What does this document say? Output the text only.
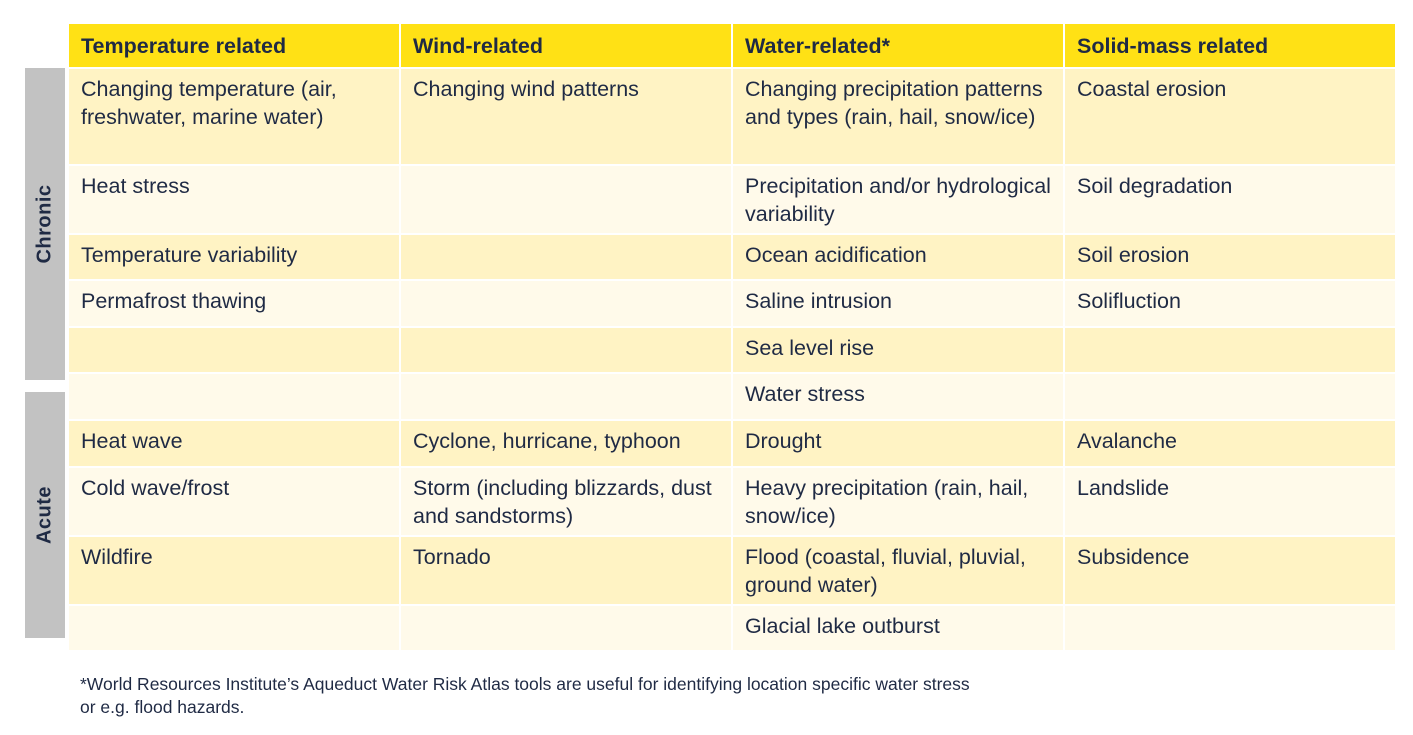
Chronic
Acute
Temperature related	Wind-related	Water-related*	Solid-mass related
Changing temperature (air, freshwater, marine water)	Changing wind patterns	Changing precipitation patterns and types (rain, hail, snow/ice)	Coastal erosion
Heat stress		Precipitation and/or hydrological variability	Soil degradation
Temperature variability		Ocean acidification	Soil erosion
Permafrost thawing		Saline intrusion	Solifluction
		Sea level rise	
		Water stress	
Heat wave	Cyclone, hurricane, typhoon	Drought	Avalanche
Cold wave/frost	Storm (including blizzards, dust and sandstorms)	Heavy precipitation (rain, hail, snow/ice)	Landslide
Wildfire	Tornado	Flood (coastal, fluvial, pluvial, ground water)	Subsidence
		Glacial lake outburst	
*World Resources Institute’s Aqueduct Water Risk Atlas tools are useful for identifying location specific water stress
or e.g. flood hazards.
